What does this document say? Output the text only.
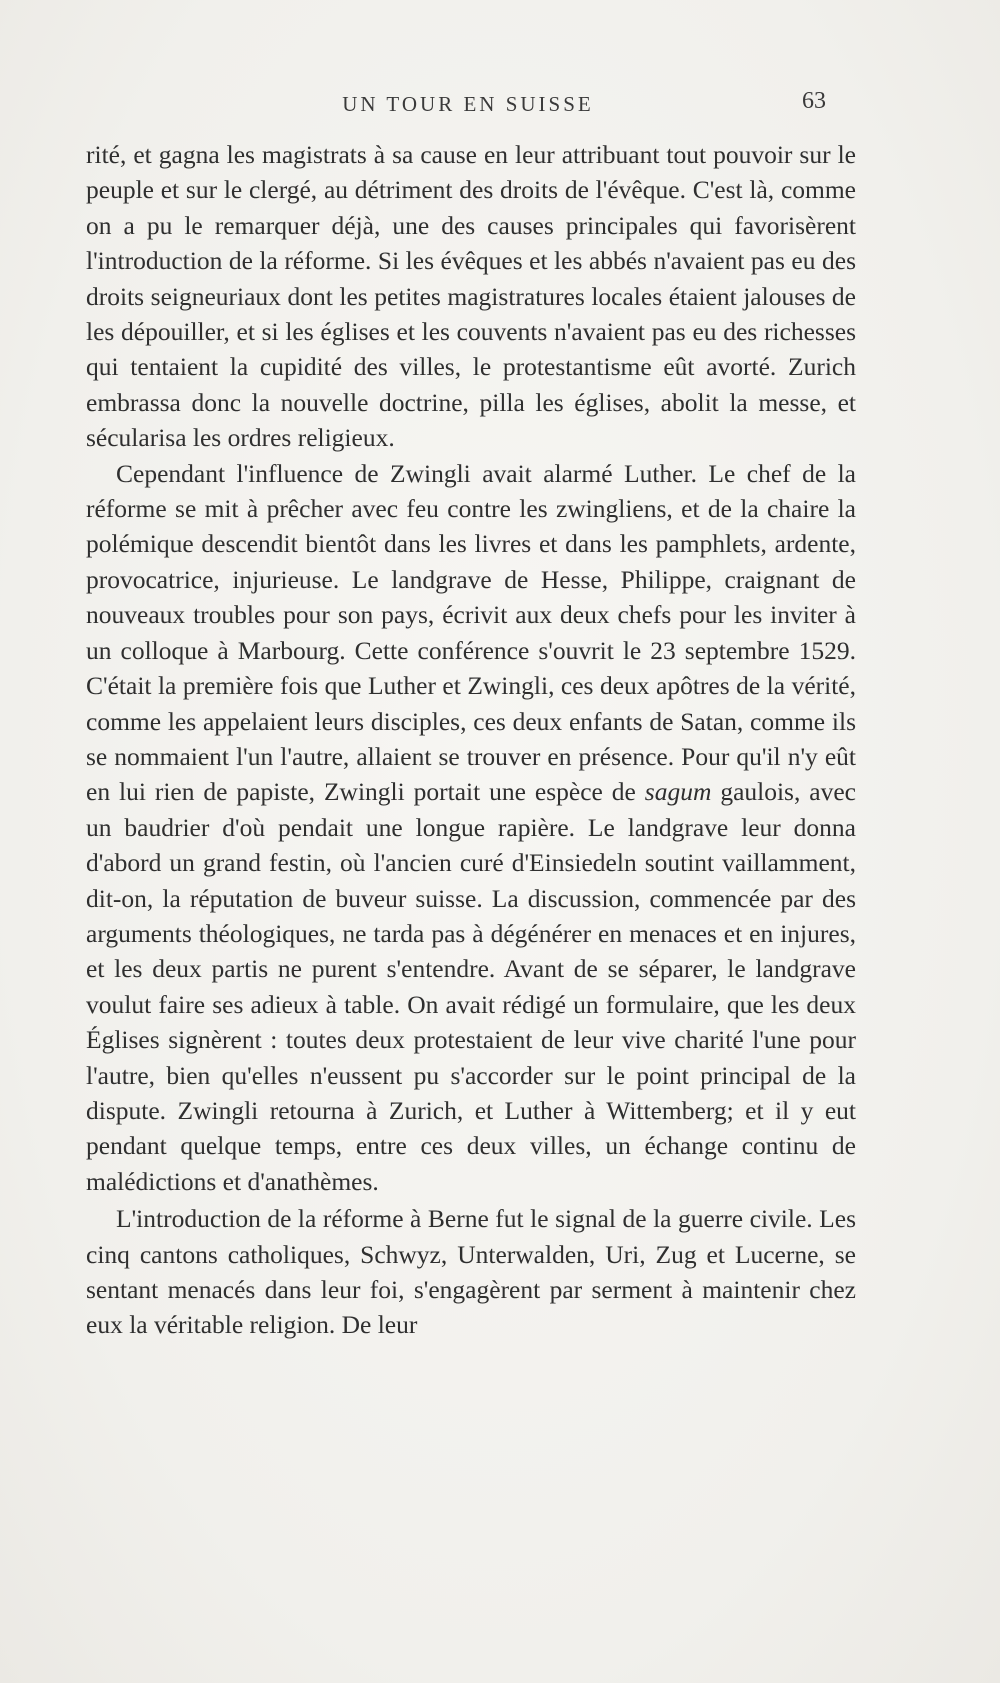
UN TOUR EN SUISSE	63

rité, et gagna les magistrats à sa cause en leur attribuant tout pouvoir sur le peuple et sur le clergé, au détriment des droits de l'évêque. C'est là, comme on a pu le remarquer déjà, une des causes principales qui favorisèrent l'introduction de la réforme. Si les évêques et les abbés n'avaient pas eu des droits seigneuriaux dont les petites magistratures locales étaient jalouses de les dépouiller, et si les églises et les couvents n'avaient pas eu des richesses qui tentaient la cupidité des villes, le protestantisme eût avorté. Zurich embrassa donc la nouvelle doctrine, pilla les églises, abolit la messe, et sécularisa les ordres religieux.

Cependant l'influence de Zwingli avait alarmé Luther. Le chef de la réforme se mit à prêcher avec feu contre les zwingliens, et de la chaire la polémique descendit bientôt dans les livres et dans les pamphlets, ardente, provocatrice, injurieuse. Le landgrave de Hesse, Philippe, craignant de nouveaux troubles pour son pays, écrivit aux deux chefs pour les inviter à un colloque à Marbourg. Cette conférence s'ouvrit le 23 septembre 1529. C'était la première fois que Luther et Zwingli, ces deux apôtres de la vérité, comme les appelaient leurs disciples, ces deux enfants de Satan, comme ils se nommaient l'un l'autre, allaient se trouver en présence. Pour qu'il n'y eût en lui rien de papiste, Zwingli portait une espèce de sagum gaulois, avec un baudrier d'où pendait une longue rapière. Le landgrave leur donna d'abord un grand festin, où l'ancien curé d'Einsiedeln soutint vaillamment, dit-on, la réputation de buveur suisse. La discussion, commencée par des arguments théologiques, ne tarda pas à dégénérer en menaces et en injures, et les deux partis ne purent s'entendre. Avant de se séparer, le landgrave voulut faire ses adieux à table. On avait rédigé un formulaire, que les deux Églises signèrent : toutes deux protestaient de leur vive charité l'une pour l'autre, bien qu'elles n'eussent pu s'accorder sur le point principal de la dispute. Zwingli retourna à Zurich, et Luther à Wittemberg; et il y eut pendant quelque temps, entre ces deux villes, un échange continu de malédictions et d'anathèmes.

L'introduction de la réforme à Berne fut le signal de la guerre civile. Les cinq cantons catholiques, Schwyz, Unterwalden, Uri, Zug et Lucerne, se sentant menacés dans leur foi, s'engagèrent par serment à maintenir chez eux la véritable religion. De leur
